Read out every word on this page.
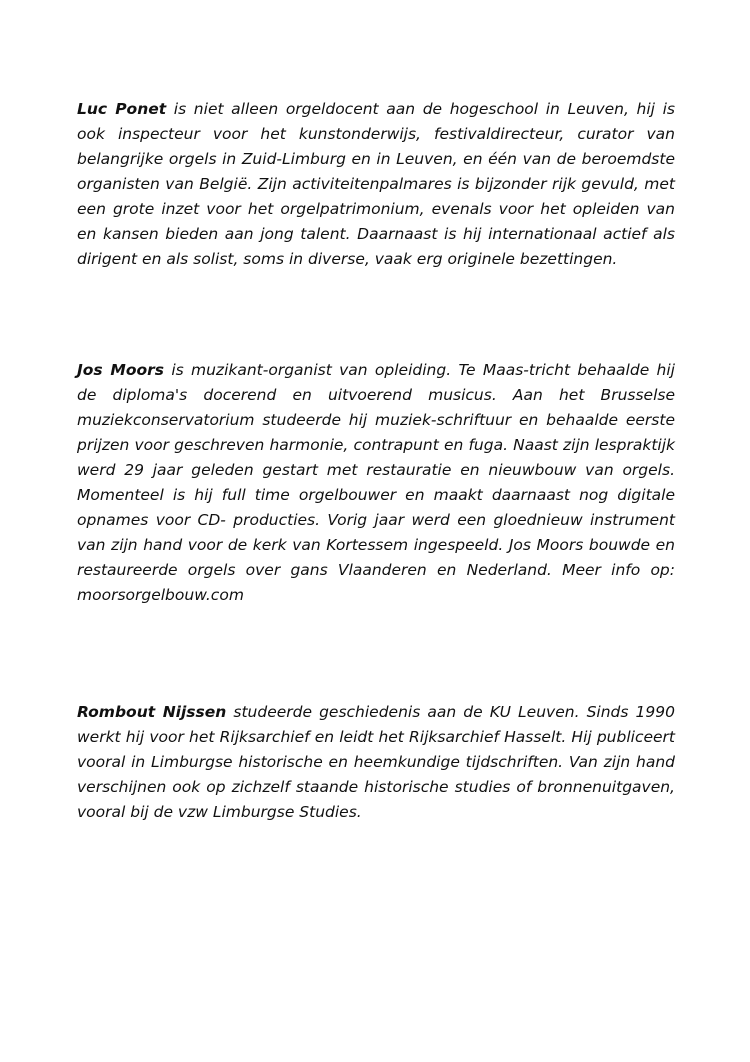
Luc Ponet is niet alleen orgeldocent aan de hogeschool in Leuven, hij is ook inspecteur voor het kunstonderwijs, festivaldirecteur, curator van belangrijke orgels in Zuid-Limburg en in Leuven, en één van de beroemdste organisten van België. Zijn activiteitenpalmares is bijzonder rijk gevuld, met een grote inzet voor het orgelpatrimonium, evenals voor het opleiden van en kansen bieden aan jong talent. Daarnaast is hij internationaal actief als dirigent en als solist, soms in diverse, vaak erg originele bezettingen.

Jos Moors is muzikant-organist van opleiding. Te Maas-tricht behaalde hij de diploma's docerend en uitvoerend musicus. Aan het Brusselse muziekconservatorium studeerde hij muziek-schriftuur en behaalde eerste prijzen voor geschreven harmonie, contrapunt en fuga. Naast zijn lespraktijk werd 29 jaar geleden gestart met restauratie en nieuwbouw van orgels. Momenteel is hij full time orgelbouwer en maakt daarnaast nog digitale opnames voor CD- producties. Vorig jaar werd een gloednieuw instrument van zijn hand voor de kerk van Kortessem ingespeeld. Jos Moors bouwde en restaureerde orgels over gans Vlaanderen en Nederland. Meer info op: moorsorgelbouw.com

Rombout Nijssen studeerde geschiedenis aan de KU Leuven. Sinds 1990 werkt hij voor het Rijksarchief en leidt het Rijksarchief Hasselt. Hij publiceert vooral in Limburgse historische en heemkundige tijdschriften. Van zijn hand verschijnen ook op zichzelf staande historische studies of bronnenuitgaven, vooral bij de vzw Limburgse Studies.
